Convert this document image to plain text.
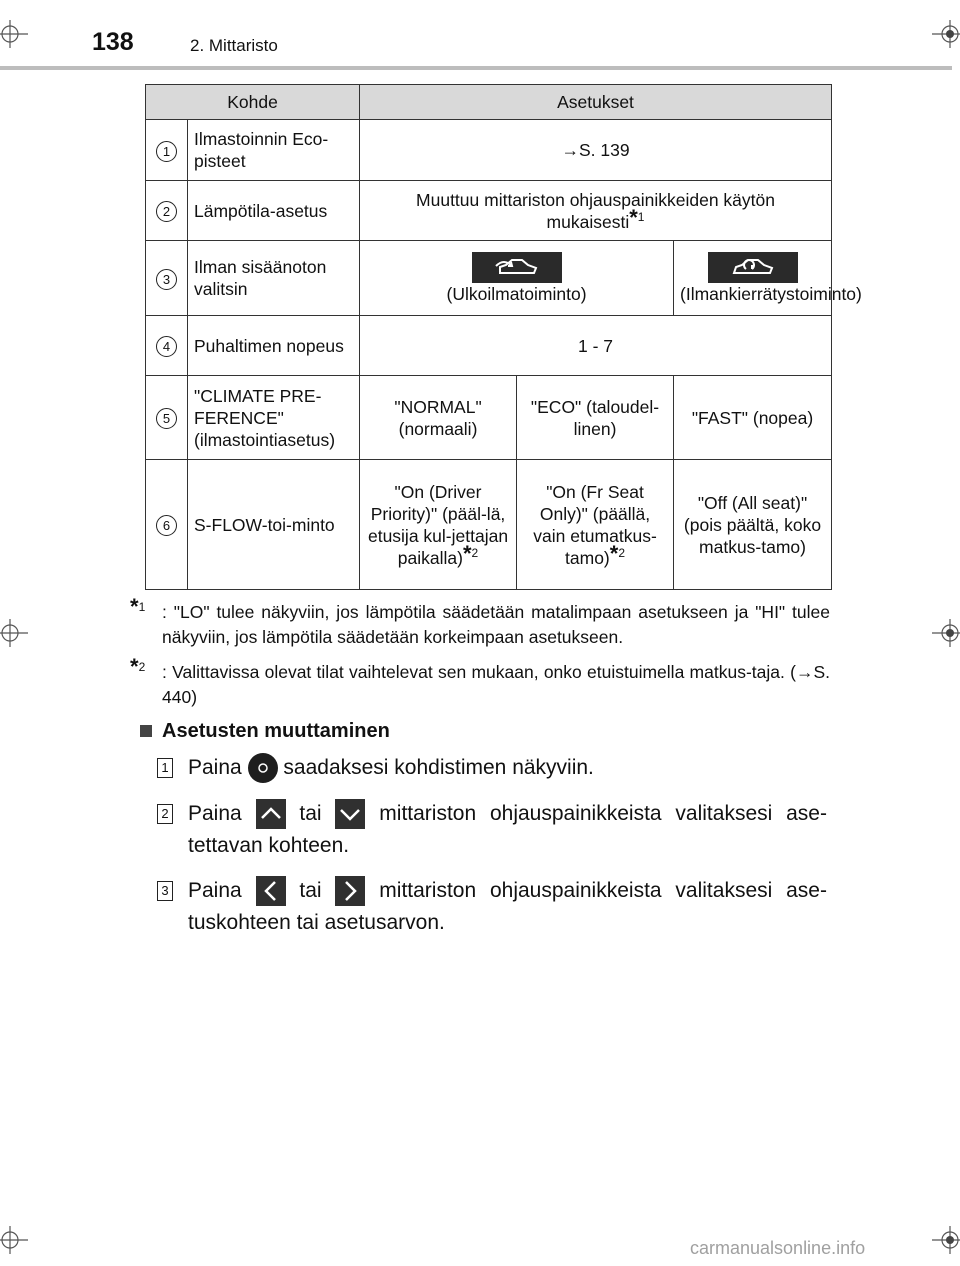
138	2. Mittaristo
Kohde		Asetukset		
1	Ilmastoinnin Eco-pisteet	→S. 139		
2	Lämpötila-asetus	Muuttuu mittariston ohjauspainikkeiden käytön mukaisesti*$^1$
3	Ilman sisäänoton valitsin	(Ulkoilmatoiminto)		(Ilmankierrätystoiminto)
4	Puhaltimen nopeus	1 - 7		
5	"CLIMATE PRE-FERENCE" (ilmastointiasetus)	"NORMAL" (normaali)	"ECO" (taloudel-linen)	"FAST" (nopea)
6	S-FLOW-toi-minto	"On (Driver Priority)" (pääl-lä, etusija kul-jettajan paikalla)*$^2$	"On (Fr Seat Only)" (päällä, vain etumatkus-tamo)*$^2$	"Off (All seat)" (pois päältä, koko matkus-tamo)
*$^1$ : "LO" tulee näkyviin, jos lämpötila säädetään matalimpaan asetukseen ja "HI" tulee näkyviin, jos lämpötila säädetään korkeimpaan asetukseen.
*$^2$ : Valittavissa olevat tilat vaihtelevat sen mukaan, onko etuistuimella matkus-taja. (→S. 440)
Asetusten muuttaminen
1 Paina saadaksesi kohdistimen näkyviin.
2 Paina	tai	mittariston ohjauspainikkeista valitaksesi ase-tettavan kohteen.
3 Paina	tai	mittariston ohjauspainikkeista valitaksesi ase-tuskohteen tai asetusarvon.
carmanualsonline.info
